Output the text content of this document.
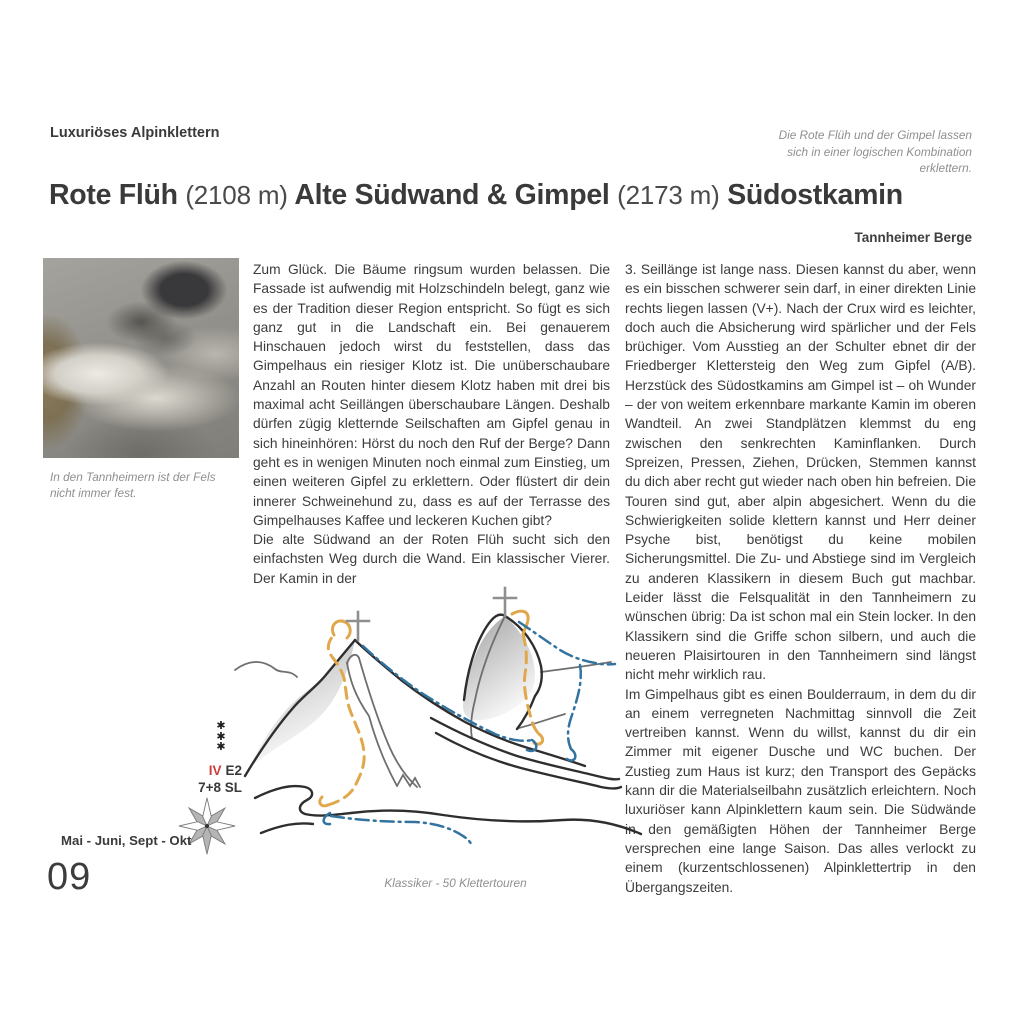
Luxuriöses Alpinklettern	Die Rote Flüh und der Gimpel lassen
sich in einer logischen Kombination
erklettern.
Rote Flüh (2108 m) Alte Südwand & Gimpel (2173 m) Südostkamin
Tannheimer Berge
In den Tannheimern ist der Fels
nicht immer fest.

Zum Glück. Die Bäume ringsum wurden belassen. Die Fassade ist aufwendig mit Holzschindeln belegt, ganz wie es der Tradition dieser Region entspricht. So fügt es sich ganz gut in die Landschaft ein. Bei genauerem Hinschauen jedoch wirst du feststellen, dass das Gimpelhaus ein riesiger Klotz ist. Die unüberschaubare Anzahl an Routen hinter diesem Klotz haben mit drei bis maximal acht Seillängen überschaubare Längen. Deshalb dürfen zügig kletternde Seilschaften am Gipfel genau in sich hineinhören: Hörst du noch den Ruf der Berge? Dann geht es in wenigen Minuten noch einmal zum Einstieg, um einen weiteren Gipfel zu erklettern. Oder flüstert dir dein innerer Schweinehund zu, dass es auf der Terrasse des Gimpelhauses Kaffee und leckeren Kuchen gibt?

Die alte Südwand an der Roten Flüh sucht sich den einfachsten Weg durch die Wand. Ein klassischer Vierer. Der Kamin in der

3. Seillänge ist lange nass. Diesen kannst du aber, wenn es ein bisschen schwerer sein darf, in einer direkten Linie rechts liegen lassen (V+). Nach der Crux wird es leichter, doch auch die Absicherung wird spärlicher und der Fels brüchiger. Vom Ausstieg an der Schulter ebnet dir der Friedberger Klettersteig den Weg zum Gipfel (A/B). Herzstück des Südostkamins am Gimpel ist – oh Wunder – der von weitem erkennbare markante Kamin im oberen Wandteil. An zwei Standplätzen klemmst du eng zwischen den senkrechten Kaminflanken. Durch Spreizen, Pressen, Ziehen, Drücken, Stemmen kannst du dich aber recht gut wieder nach oben hin befreien. Die Touren sind gut, aber alpin abgesichert. Wenn du die Schwierigkeiten solide klettern kannst und Herr deiner Psyche bist, benötigst du keine mobilen Sicherungsmittel. Die Zu- und Abstiege sind im Vergleich zu anderen Klassikern in diesem Buch gut machbar. Leider lässt die Felsqualität in den Tannheimern zu wünschen übrig: Da ist schon mal ein Stein locker. In den Klassikern sind die Griffe schon silbern, und auch die neueren Plaisirtouren in den Tannheimern sind längst nicht mehr wirklich rau.

Im Gimpelhaus gibt es einen Boulderraum, in dem du dir an einem verregneten Nachmittag sinnvoll die Zeit vertreiben kannst. Wenn du willst, kannst du dir ein Zimmer mit eigener Dusche und WC buchen. Der Zustieg zum Haus ist kurz; den Transport des Gepäcks kann dir die Materialseilbahn zusätzlich erleichtern. Noch luxuriöser kann Alpinklettern kaum sein. Die Südwände in den gemäßigten Höhen der Tannheimer Berge versprechen eine lange Saison. Das alles verlockt zu einem (kurzentschlossenen) Alpinklettertrip in den Übergangszeiten.

✱
✱
✱
IV E2
7+8 SL
Mai - Juni, Sept - Okt
09	Klassiker - 50 Klettertouren
